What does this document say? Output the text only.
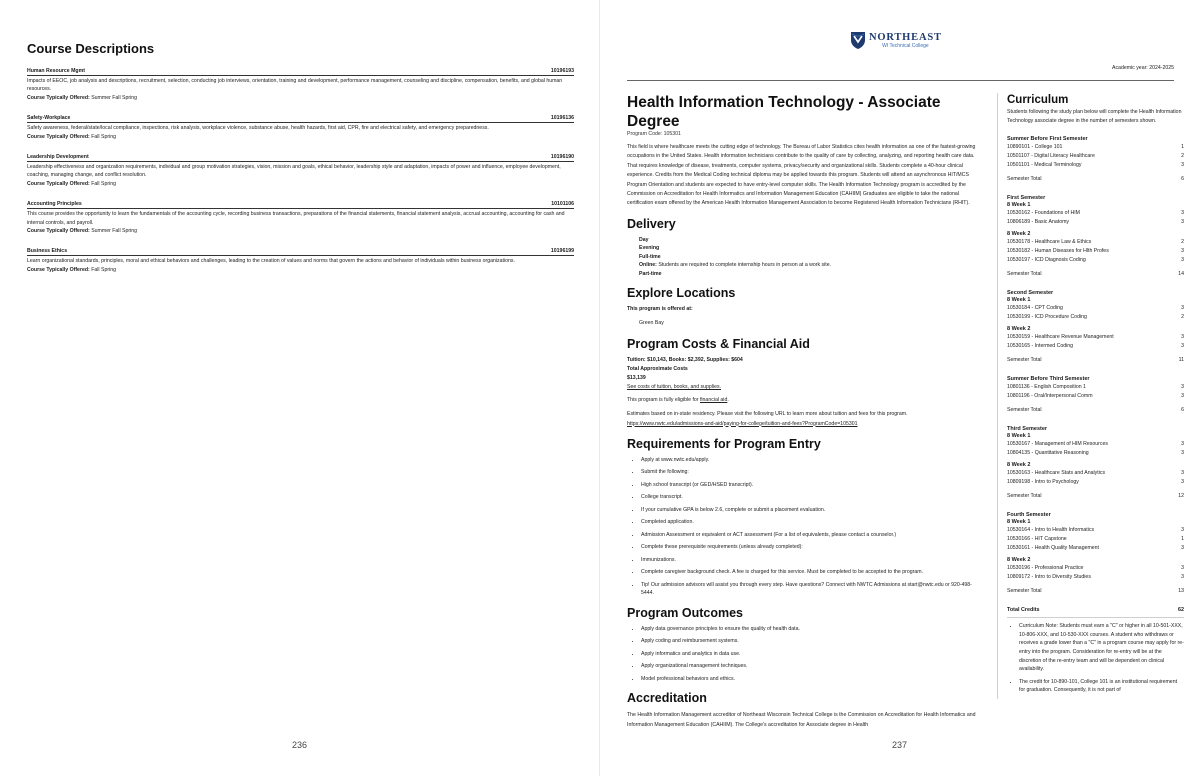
Course Descriptions
Human Resource Mgmt	10196193
Impacts of EEOC, job analysis and descriptions, recruitment, selection, conducting job interviews, orientation, training and development, performance management, counseling and discipline, compensation, benefits, and global human resources.
Course Typically Offered: Summer Fall Spring
Safety-Workplace	10196136
Safety awareness, federal/state/local compliance, inspections, risk analysis, workplace violence, substance abuse, health hazards, first aid, CPR, fire and electrical safety, and emergency preparedness.
Course Typically Offered: Fall Spring
Leadership Development	10196190
Leadership effectiveness and organization requirements, individual and group motivation strategies, vision, mission and goals, ethical behavior, leadership style and adaptation, impacts of power and influence, employee development, coaching, managing change, and conflict resolution.
Course Typically Offered: Fall Spring
Accounting Principles	10101106
This course provides the opportunity to learn the fundamentals of the accounting cycle, recording business transactions, preparations of the financial statements, financial statement analysis, accrual accounting, accounting for cash and internal controls, and payroll.
Course Typically Offered: Summer Fall Spring
Business Ethics	10196199
Learn organizational standards, principles, moral and ethical behaviors and challenges, leading to the creation of values and norms that govern the actions and behavior of individuals within business organizations.
Course Typically Offered: Fall Spring
236
NORTHEAST
WI Technical College
Academic year: 2024-2025
Health Information Technology - Associate Degree
Program Code: 105301
This field is where healthcare meets the cutting edge of technology. The Bureau of Labor Statistics cites health information as one of the fastest-growing occupations in the United States. Health information technicians contribute to the quality of care by collecting, analyzing, and reporting health care data. That requires knowledge of disease, treatments, computer systems, privacy/security and organizational skills. Students complete a 40-hour clinical experience. Credits from the Medical Coding technical diploma may be applied towards this program. Students will attend an asynchronous HIT/MCS Program Orientation and students are expected to have entry-level computer skills. The Health Information Technology program is accredited by the Commission on Accreditation for Health Informatics and Information Management Education (CAHIIM) Graduates are eligible to take the national certification exam offered by the American Health Information Management Association to become Registered Health Information Technicians (RHIT).
Delivery
Day
Evening
Full-time
Online: Students are required to complete internship hours in person at a work site.
Part-time
Explore Locations
This program is offered at:
Green Bay
Program Costs & Financial Aid
Tuition: $10,143, Books: $2,392, Supplies: $604
Total Approximate Costs
$13,139
See costs of tuition, books, and supplies.
This program is fully eligible for financial aid.
Estimates based on in-state residency. Please visit the following URL to learn more about tuition and fees for this program.
https://www.nwtc.edu/admissions-and-aid/paying-for-college/tuition-and-fees?ProgramCode=105301
Requirements for Program Entry
• Apply at www.nwtc.edu/apply.
• Submit the following:
• High school transcript (or GED/HSED transcript).
• College transcript.
• If your cumulative GPA is below 2.6, complete or submit a placement evaluation.
• Completed application.
• Admission Assessment or equivalent or ACT assessment (For a list of equivalents, please contact a counselor.)
• Complete these prerequisite requirements (unless already completed):
• Immunizations.
• Complete caregiver background check. A fee is charged for this service. Must be completed to be accepted to the program.
• Tip! Our admission advisors will assist you through every step. Have questions? Connect with NWTC Admissions at start@nwtc.edu or 920-498-5444.
Program Outcomes
• Apply data governance principles to ensure the quality of health data.
• Apply coding and reimbursement systems.
• Apply informatics and analytics in data use.
• Apply organizational management techniques.
• Model professional behaviors and ethics.
Accreditation
The Health Information Management accreditor of Northeast Wisconsin Technical College is the Commission on Accreditation for Health Informatics and Information Management Education (CAHIIM). The College's accreditation for Associate degree in Health
Curriculum
Students following the study plan below will complete the Health Information Technology associate degree in the number of semesters shown.
Summer Before First Semester
10890101 - College 101	1
10501107 - Digital Literacy Healthcare	2
10501101 - Medical Terminology	3
Semester Total	6
First Semester
8 Week 1
10530162 - Foundations of HIM	3
10806189 - Basic Anatomy	3
8 Week 2
10530178 - Healthcare Law & Ethics	2
10530182 - Human Diseases for Hlth Profes	3
10530197 - ICD Diagnosis Coding	3
Semester Total	14
Second Semester
8 Week 1
10530184 - CPT Coding	3
10530199 - ICD Procedure Coding	2
8 Week 2
10530159 - Healthcare Revenue Management	3
10530165 - Intermed Coding	3
Semester Total	11
Summer Before Third Semester
10801136 - English Composition 1	3
10801196 - Oral/Interpersonal Comm	3
Semester Total	6
Third Semester
8 Week 1
10530167 - Management of HIM Resources	3
10804135 - Quantitative Reasoning	3
8 Week 2
10530163 - Healthcare Stats and Analytics	3
10809198 - Intro to Psychology	3
Semester Total	12
Fourth Semester
8 Week 1
10530164 - Intro to Health Informatics	3
10530166 - HIT Capstone	1
10530161 - Health Quality Management	3
8 Week 2
10530196 - Professional Practice	3
10809172 - Intro to Diversity Studies	3
Semester Total	13
Total Credits	62
• Curriculum Note: Students must earn a "C" or higher in all 10-501-XXX, 10-806-XXX, and 10-530-XXX courses. A student who withdraws or receives a grade lower than a "C" in a program course may apply for re-entry into the program. Consideration for re-entry will be at the discretion of the re-entry team and will be dependent on clinical availability.
• The credit for 10-890-101, College 101 is an institutional requirement for graduation. Consequently, it is not part of
237
